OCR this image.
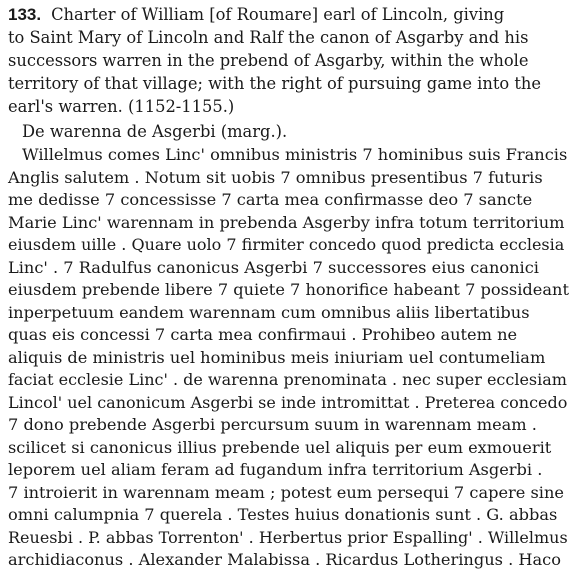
133. Charter of William [of Roumare] earl of Lincoln, giving
to Saint Mary of Lincoln and Ralf the canon of Asgarby and his
successors warren in the prebend of Asgarby, within the whole
territory of that village; with the right of pursuing game into the
earl's warren. (1152-1155.)
De warenna de Asgerbi (marg.).
Willelmus comes Linc' omnibus ministris 7 hominibus suis Francis
Anglis salutem . Notum sit uobis 7 omnibus presentibus 7 futuris
me dedisse 7 concessisse 7 carta mea confirmasse deo 7 sancte
Marie Linc' warennam in prebenda Asgerby infra totum territorium
eiusdem uille . Quare uolo 7 firmiter concedo quod predicta ecclesia
Linc' . 7 Radulfus canonicus Asgerbi 7 successores eius canonici
eiusdem prebende libere 7 quiete 7 honorifice habeant 7 possideant
inperpetuum eandem warennam cum omnibus aliis libertatibus
quas eis concessi 7 carta mea confirmaui . Prohibeo autem ne
aliquis de ministris uel hominibus meis iniuriam uel contumeliam
faciat ecclesie Linc' . de warenna prenominata . nec super ecclesiam
Lincol' uel canonicum Asgerbi se inde intromittat . Preterea concedo
7 dono prebende Asgerbi percursum suum in warennam meam .
scilicet si canonicus illius prebende uel aliquis per eum exmouerit
leporem uel aliam feram ad fugandum infra territorium Asgerbi .
7 introierit in warennam meam ; potest eum persequi 7 capere sine
omni calumpnia 7 querela . Testes huius donationis sunt . G. abbas
Reuesbi . P. abbas Torrenton' . Herbertus prior Espalling' . Willelmus
archidiaconus . Alexander Malabissa . Ricardus Lotheringus . Haco
